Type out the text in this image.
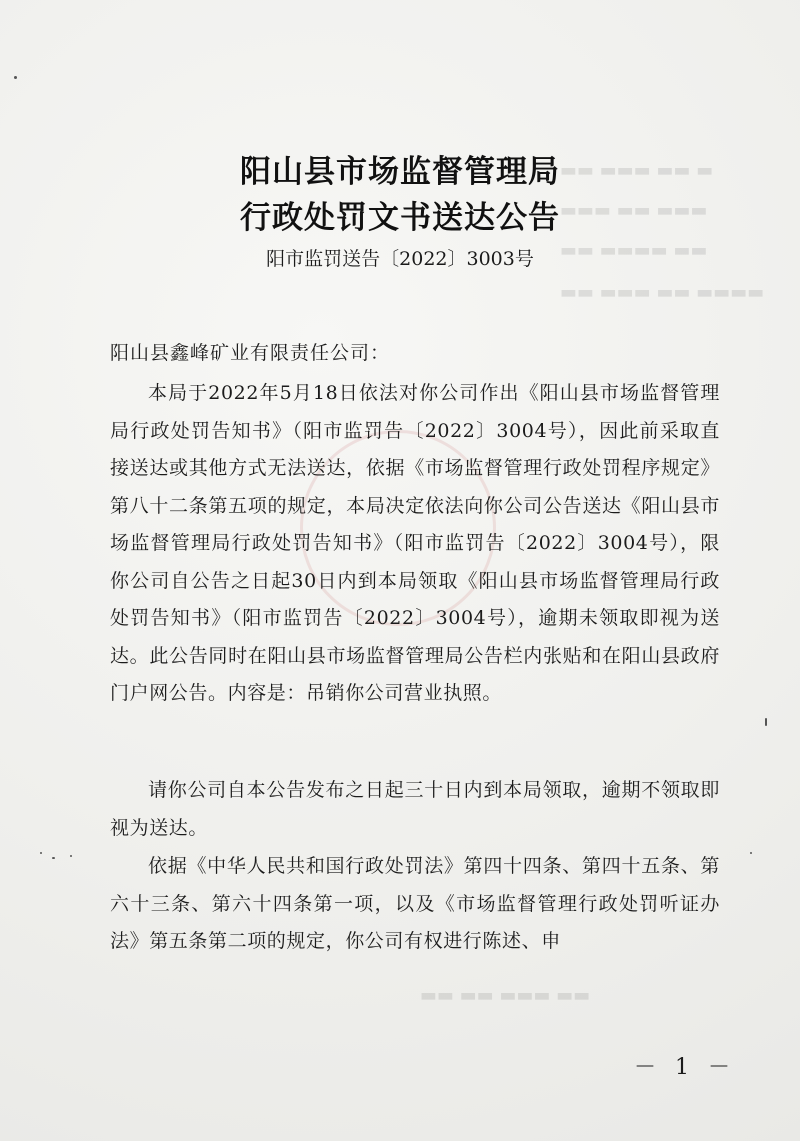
▬ ▬▬ ▬▬▬ ▬▬
▬▬▬ ▬▬ ▬▬▬
▬▬ ▬▬▬▬ ▬▬
▬▬▬▬ ▬▬ ▬▬▬ ▬▬
▬▬ ▬▬▬ ▬▬ ▬▬
阳山县市场监督管理局
行政处罚文书送达公告
阳市监罚送告〔2022〕3003号
阳山县鑫峰矿业有限责任公司：
本局于2022年5月18日依法对你公司作出《阳山县市场监督管理局行政处罚告知书》（阳市监罚告〔2022〕3004号），因此前采取直接送达或其他方式无法送达，依据《市场监督管理行政处罚程序规定》第八十二条第五项的规定，本局决定依法向你公司公告送达《阳山县市场监督管理局行政处罚告知书》（阳市监罚告〔2022〕3004号），限你公司自公告之日起30日内到本局领取《阳山县市场监督管理局行政处罚告知书》（阳市监罚告〔2022〕3004号），逾期未领取即视为送达。此公告同时在阳山县市场监督管理局公告栏内张贴和在阳山县政府门户网公告。内容是：吊销你公司营业执照。
请你公司自本公告发布之日起三十日内到本局领取，逾期不领取即视为送达。
依据《中华人民共和国行政处罚法》第四十四条、第四十五条、第六十三条、第六十四条第一项，以及《市场监督管理行政处罚听证办法》第五条第二项的规定，你公司有权进行陈述、申
－ 1 －
